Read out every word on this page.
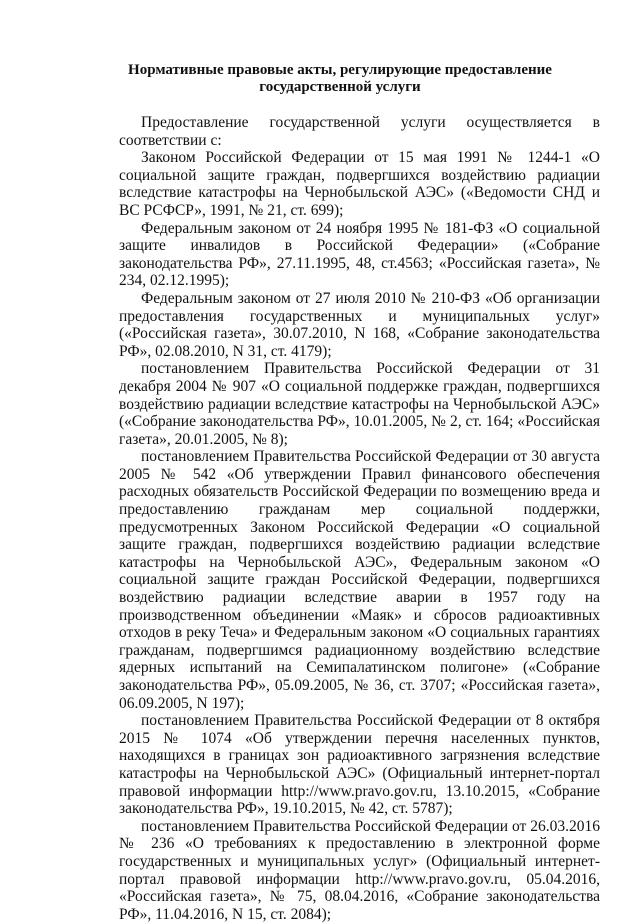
Нормативные правовые акты, регулирующие предоставление
государственной услуги

Предоставление государственной услуги осуществляется в соответствии с:

Законом Российской Федерации от 15 мая 1991 № 1244-1 «О социальной защите граждан, подвергшихся воздействию радиации вследствие катастрофы на Чернобыльской АЭС» («Ведомости СНД и ВС РСФСР», 1991, № 21, ст. 699);

Федеральным законом от 24 ноября 1995 № 181-ФЗ «О социальной защите инвалидов в Российской Федерации» («Собрание законодательства РФ», 27.11.1995, 48, ст.4563; «Российская газета», № 234, 02.12.1995);

Федеральным законом от 27 июля 2010 № 210-ФЗ «Об организации предоставления государственных и муниципальных услуг» («Российская газета», 30.07.2010, N 168, «Собрание законодательства РФ», 02.08.2010, N 31, ст. 4179);

постановлением Правительства Российской Федерации от 31 декабря 2004 № 907 «О социальной поддержке граждан, подвергшихся воздействию радиации вследствие катастрофы на Чернобыльской АЭС» («Собрание законодательства РФ», 10.01.2005, № 2, ст. 164; «Российская газета», 20.01.2005, № 8);

постановлением Правительства Российской Федерации от 30 августа 2005 № 542 «Об утверждении Правил финансового обеспечения расходных обязательств Российской Федерации по возмещению вреда и предоставлению гражданам мер социальной поддержки, предусмотренных Законом Российской Федерации «О социальной защите граждан, подвергшихся воздействию радиации вследствие катастрофы на Чернобыльской АЭС», Федеральным законом «О социальной защите граждан Российской Федерации, подвергшихся воздействию радиации вследствие аварии в 1957 году на производственном объединении «Маяк» и сбросов радиоактивных отходов в реку Теча» и Федеральным законом «О социальных гарантиях гражданам, подвергшимся радиационному воздействию вследствие ядерных испытаний на Семипалатинском полигоне» («Собрание законодательства РФ», 05.09.2005, № 36, ст. 3707; «Российская газета», 06.09.2005, N 197);

постановлением Правительства Российской Федерации от 8 октября 2015 № 1074 «Об утверждении перечня населенных пунктов, находящихся в границах зон радиоактивного загрязнения вследствие катастрофы на Чернобыльской АЭС» (Официальный интернет-портал правовой информации http://www.pravo.gov.ru, 13.10.2015, «Собрание законодательства РФ», 19.10.2015, № 42, ст. 5787);

постановлением Правительства Российской Федерации от 26.03.2016 № 236 «О требованиях к предоставлению в электронной форме государственных и муниципальных услуг» (Официальный интернет-портал правовой информации http://www.pravo.gov.ru, 05.04.2016, «Российская газета», № 75, 08.04.2016, «Собрание законодательства РФ», 11.04.2016, N 15, ст. 2084);
